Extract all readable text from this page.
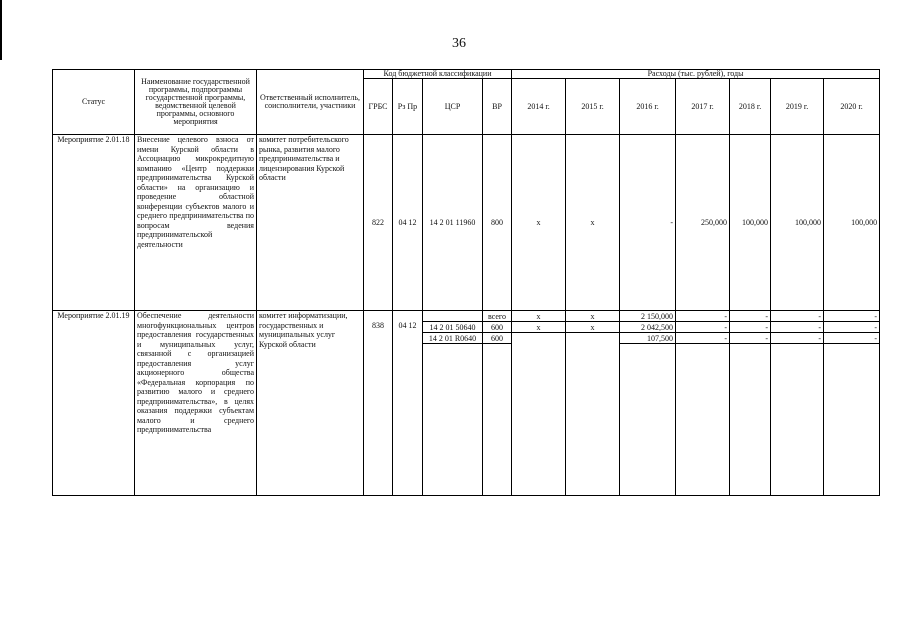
36
Статус	Наименование государственной программы, подпрограммы государственной программы, ведомственной целевой программы, основного мероприятия	Ответственный исполнитель, соисполнители, участники	Код бюджетной классификации				Расходы (тыс. рублей), годы						
			ГРБС	Рз Пр	ЦСР	ВР	2014 г.	2015 г.	2016 г.	2017 г.	2018 г.	2019 г.	2020 г.
Мероприятие 2.01.18	Внесение целевого взноса от имени Курской области в Ассоциацию микрокредитную компанию «Центр поддержки предпринимательства Курской области» на организацию и проведение областной конференции субъектов малого и среднего предпринимательства по вопросам ведения предпринимательской деятельности	комитет потребительского рынка, развития малого предпринимательства и лицензирования Курской области	822	04 12	14 2 01 11960	800	х	х	-	250,000	100,000	100,000	100,000
Мероприятие 2.01.19	Обеспечение деятельности многофункциональных центров предоставления государственных и муниципальных услуг, связанной с организацией предоставления услуг акционерного общества «Федеральная корпорация по развитию малого и среднего предпринимательства», в целях оказания поддержки субъектам малого и среднего предпринимательства	комитет информатизации, государственных и муниципальных услуг Курской области	838	04 12		всего	х	х	2 150,000	-	-	-	-
					14 2 01 50640	600	х	х	2 042,500	-	-	-	-
					14 2 01 R0640	600			107,500	-	-	-	-
